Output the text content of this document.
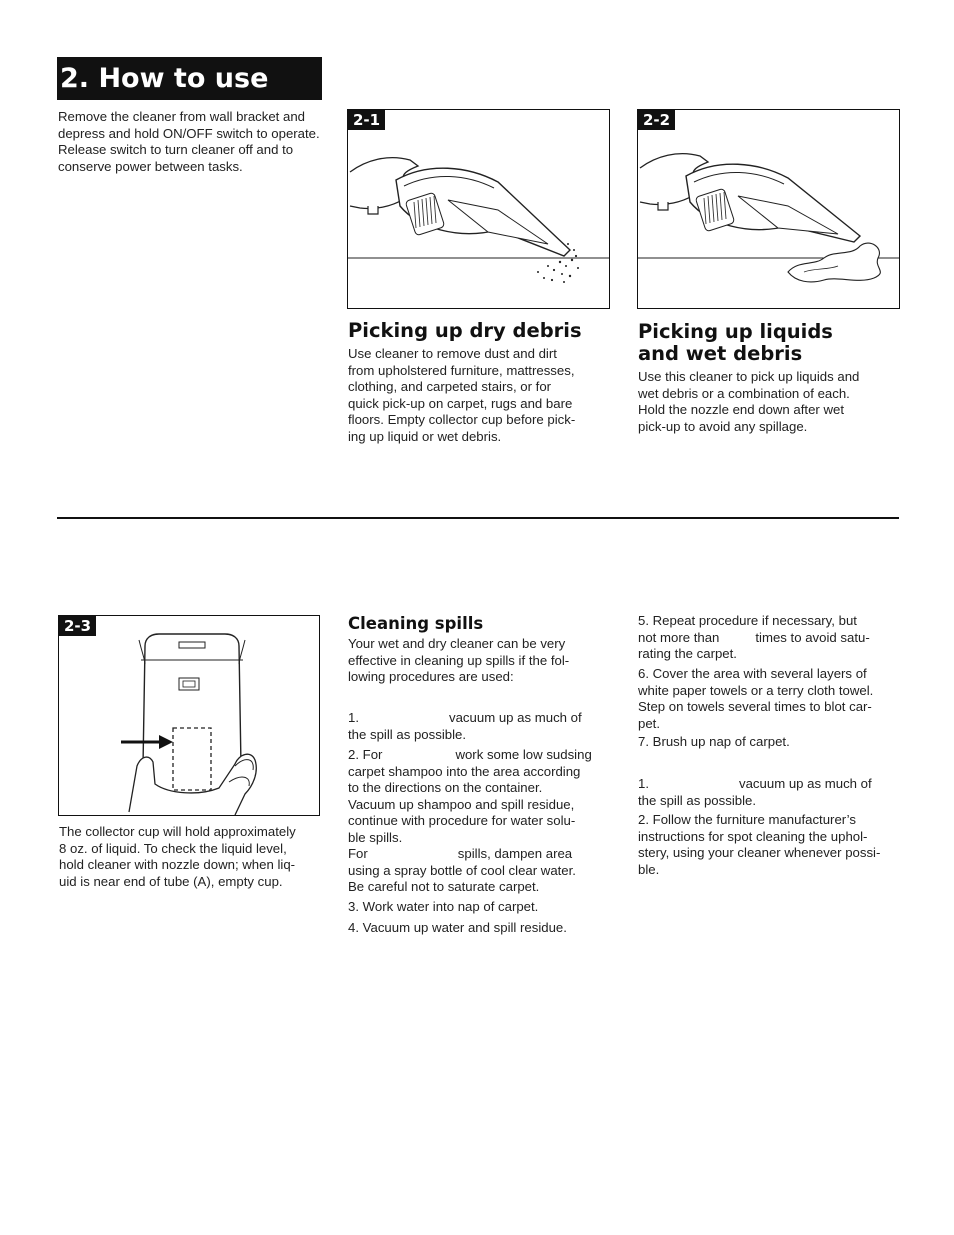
2. How to use
Remove the cleaner from wall bracket and depress and hold ON/OFF switch to operate. Release switch to turn cleaner off and to conserve power between tasks.
2-1	2-2
Picking up dry debris
Use cleaner to remove dust and dirt
from upholstered furniture, mattresses,
clothing, and carpeted stairs, or for
quick pick-up on carpet, rugs and bare
floors. Empty collector cup before pick-
ing up liquid or wet debris.
Picking up liquids
and wet debris
Use this cleaner to pick up liquids and
wet debris or a combination of each.
Hold the nozzle end down after wet
pick-up to avoid any spillage.
2-3
The collector cup will hold approximately
8 oz. of liquid. To check the liquid level,
hold cleaner with nozzle down; when liq-
uid is near end of tube (A), empty cup.
Cleaning spills
Your wet and dry cleaner can be very
effective in cleaning up spills if the fol-
lowing procedures are used:
1.	vacuum up as much of
the spill as possible.
2. For	work some low sudsing
carpet shampoo into the area according
to the directions on the container.
Vacuum up shampoo and spill residue,
continue with procedure for water solu-
ble spills.
For	spills, dampen area
using a spray bottle of cool clear water.
Be careful not to saturate carpet.
3. Work water into nap of carpet.
4. Vacuum up water and spill residue.
5. Repeat procedure if necessary, but
not more than	times to avoid satu-
rating the carpet.
6. Cover the area with several layers of
white paper towels or a terry cloth towel.
Step on towels several times to blot car-
pet.
7. Brush up nap of carpet.
1.	vacuum up as much of
the spill as possible.
2. Follow the furniture manufacturer’s
instructions for spot cleaning the uphol-
stery, using your cleaner whenever possi-
ble.
